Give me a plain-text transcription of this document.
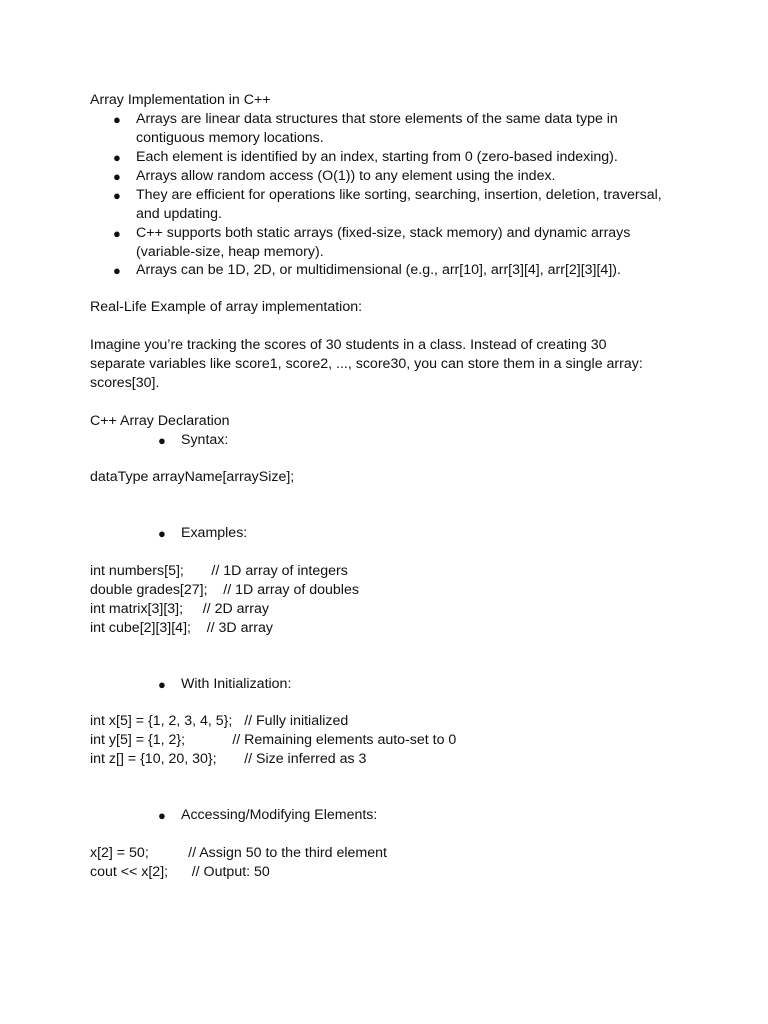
Array Implementation in C++
● Arrays are linear data structures that store elements of the same data type in contiguous memory locations.
● Each element is identified by an index, starting from 0 (zero-based indexing).
● Arrays allow random access (O(1)) to any element using the index.
● They are efficient for operations like sorting, searching, insertion, deletion, traversal, and updating.
● C++ supports both static arrays (fixed-size, stack memory) and dynamic arrays (variable-size, heap memory).
● Arrays can be 1D, 2D, or multidimensional (e.g., arr[10], arr[3][4], arr[2][3][4]).
Real-Life Example of array implementation:
Imagine you’re tracking the scores of 30 students in a class. Instead of creating 30 separate variables like score1, score2, ..., score30, you can store them in a single array: scores[30].
C++ Array Declaration
● Syntax:
dataType arrayName[arraySize];
● Examples:
int numbers[5];       // 1D array of integers
double grades[27];    // 1D array of doubles
int matrix[3][3];     // 2D array
int cube[2][3][4];    // 3D array
● With Initialization:
int x[5] = {1, 2, 3, 4, 5};   // Fully initialized
int y[5] = {1, 2};            // Remaining elements auto-set to 0
int z[] = {10, 20, 30};       // Size inferred as 3
● Accessing/Modifying Elements:
x[2] = 50;          // Assign 50 to the third element
cout << x[2];      // Output: 50
